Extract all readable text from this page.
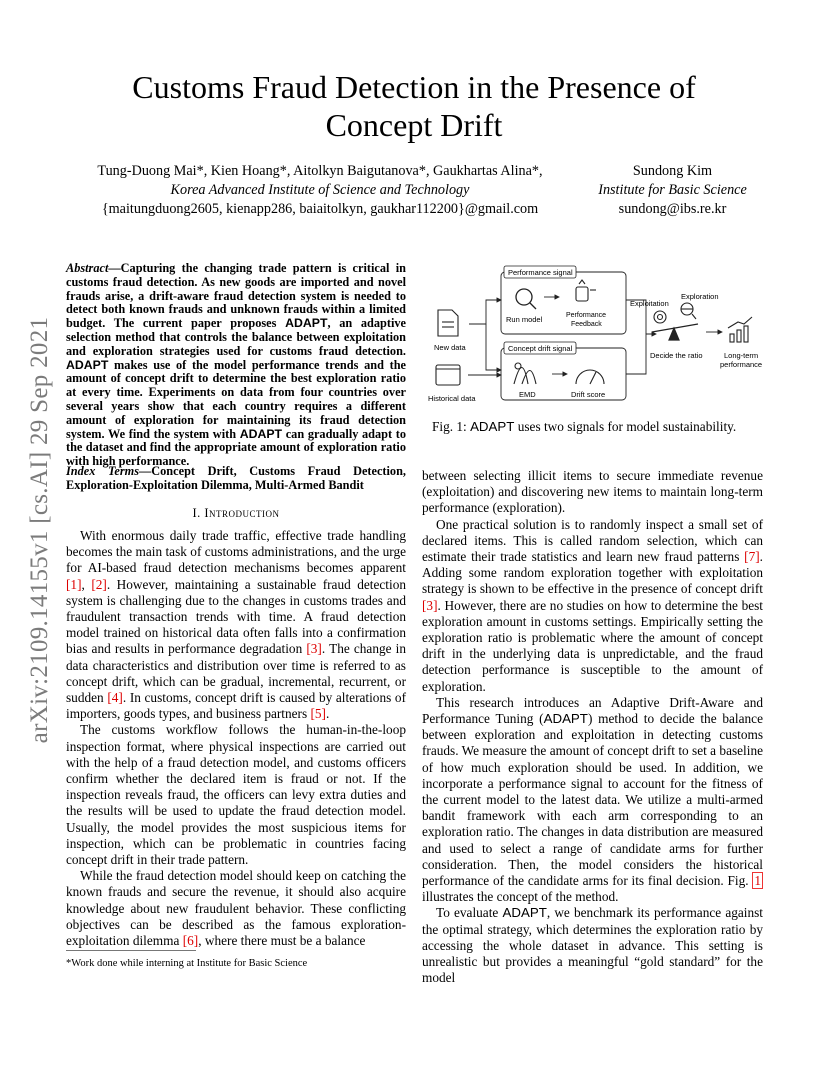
arXiv:2109.14155v1 [cs.AI] 29 Sep 2021
Customs Fraud Detection in the Presence of
Concept Drift
Tung-Duong Mai*, Kien Hoang*, Aitolkyn Baigutanova*, Gaukhartas Alina*,
Korea Advanced Institute of Science and Technology
{maitungduong2605, kienapp286, baiaitolkyn, gaukhar112200}@gmail.com
Sundong Kim
Institute for Basic Science
sundong@ibs.re.kr
Abstract—Capturing the changing trade pattern is critical in customs fraud detection. As new goods are imported and novel frauds arise, a drift-aware fraud detection system is needed to detect both known frauds and unknown frauds within a limited budget. The current paper proposes ADAPT, an adaptive selection method that controls the balance between exploitation and exploration strategies used for customs fraud detection. ADAPT makes use of the model performance trends and the amount of concept drift to determine the best exploration ratio at every time. Experiments on data from four countries over several years show that each country requires a different amount of exploration for maintaining its fraud detection system. We find the system with ADAPT can gradually adapt to the dataset and find the appropriate amount of exploration ratio with high performance.
Index Terms—Concept Drift, Customs Fraud Detection, Exploration-Exploitation Dilemma, Multi-Armed Bandit
I. Introduction

With enormous daily trade traffic, effective trade handling becomes the main task of customs administrations, and the urge for AI-based fraud detection mechanisms becomes apparent [1], [2]. However, maintaining a sustainable fraud detection system is challenging due to the changes in customs trades and fraudulent transaction trends with time. A fraud detection model trained on historical data often falls into a confirmation bias and results in performance degradation [3]. The change in data characteristics and distribution over time is referred to as concept drift, which can be gradual, incremental, recurrent, or sudden [4]. In customs, concept drift is caused by alterations of importers, goods types, and business partners [5].

The customs workflow follows the human-in-the-loop inspection format, where physical inspections are carried out with the help of a fraud detection model, and customs officers confirm whether the declared item is fraud or not. If the inspection reveals fraud, the officers can levy extra duties and the results will be used to update the fraud detection model. Usually, the model provides the most suspicious items for inspection, which can be problematic in countries facing concept drift in their trade pattern.

While the fraud detection model should keep on catching the known frauds and secure the revenue, it should also acquire knowledge about new fraudulent behavior. These conflicting objectives can be described as the famous exploration-exploitation dilemma [6], where there must be a balance

*Work done while interning at Institute for Basic Science
Performance signal
Run model	Performance
Feedback
New data
Historical data
Concept drift signal
EMD	Drift score
Exploitation
Exploration
Decide the ratio	Long-term
performance
Fig. 1: ADAPT uses two signals for model sustainability.

between selecting illicit items to secure immediate revenue (exploitation) and discovering new items to maintain long-term performance (exploration).

One practical solution is to randomly inspect a small set of declared items. This is called random selection, which can estimate their trade statistics and learn new fraud patterns [7]. Adding some random exploration together with exploitation strategy is shown to be effective in the presence of concept drift [3]. However, there are no studies on how to determine the best exploration amount in customs settings. Empirically setting the exploration ratio is problematic where the amount of concept drift in the underlying data is unpredictable, and the fraud detection performance is susceptible to the amount of exploration.

This research introduces an Adaptive Drift-Aware and Performance Tuning (ADAPT) method to decide the balance between exploration and exploitation in detecting customs frauds. We measure the amount of concept drift to set a baseline of how much exploration should be used. In addition, we incorporate a performance signal to account for the fitness of the current model to the latest data. We utilize a multi-armed bandit framework with each arm corresponding to an exploration ratio. The changes in data distribution are measured and used to select a range of candidate arms for further consideration. Then, the model considers the historical performance of the candidate arms for its final decision. Fig. 1 illustrates the concept of the method.

To evaluate ADAPT, we benchmark its performance against the optimal strategy, which determines the exploration ratio by accessing the whole dataset in advance. This setting is unrealistic but provides a meaningful “gold standard” for the model
